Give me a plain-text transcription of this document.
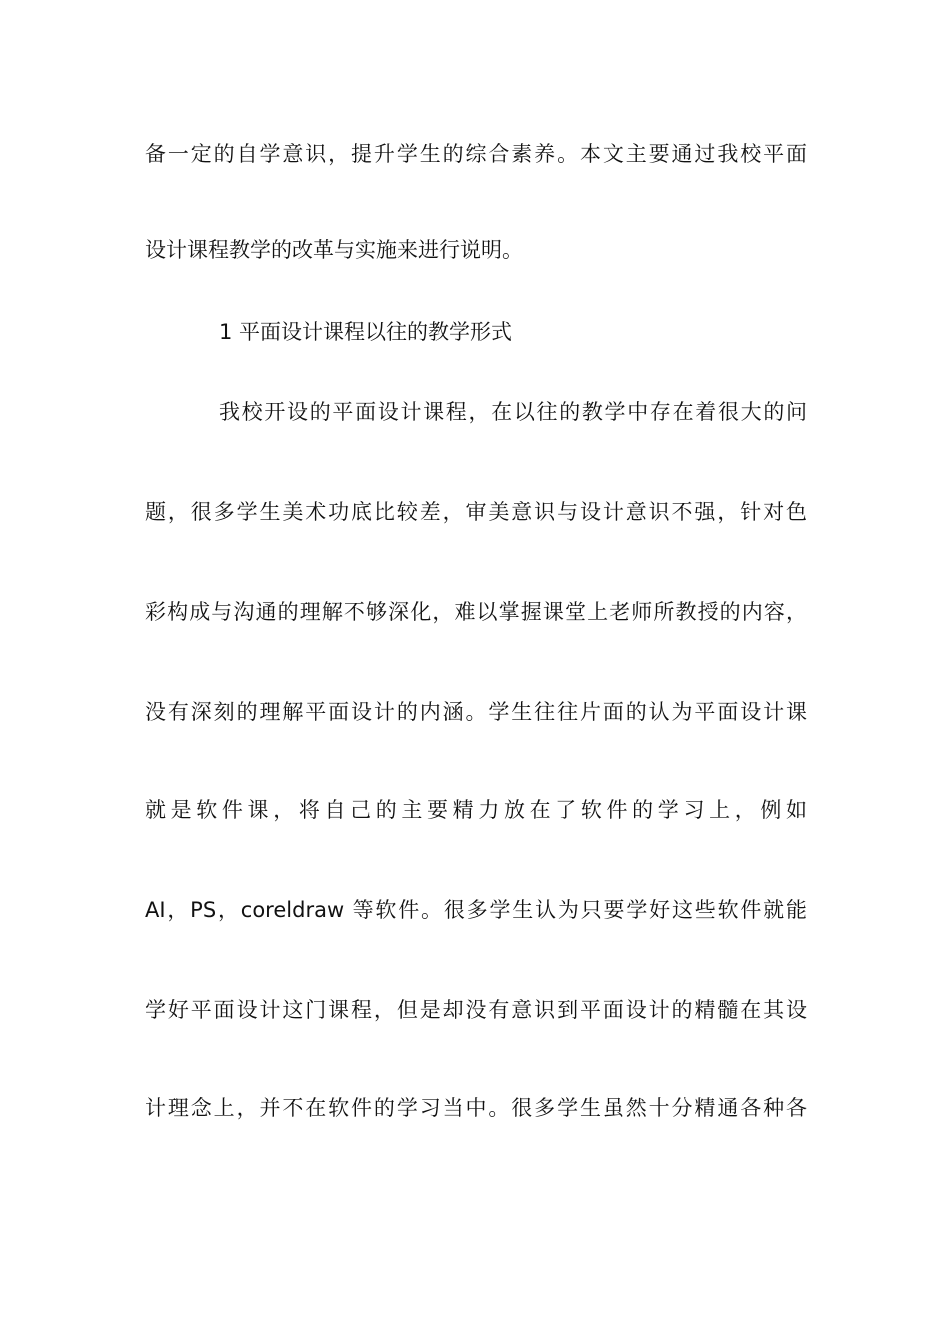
备一定的自学意识，提升学生的综合素养。本文主要通过我校平面
设计课程教学的改革与实施来进行说明。
1 平面设计课程以往的教学形式
我校开设的平面设计课程，在以往的教学中存在着很大的问
题，很多学生美术功底比较差，审美意识与设计意识不强，针对色
彩构成与沟通的理解不够深化，难以掌握课堂上老师所教授的内容，
没有深刻的理解平面设计的内涵。学生往往片面的认为平面设计课
就是软件课，将自己的主要精力放在了软件的学习上，例如
AI，PS，coreldraw 等软件。很多学生认为只要学好这些软件就能
学好平面设计这门课程，但是却没有意识到平面设计的精髓在其设
计理念上，并不在软件的学习当中。很多学生虽然十分精通各种各
